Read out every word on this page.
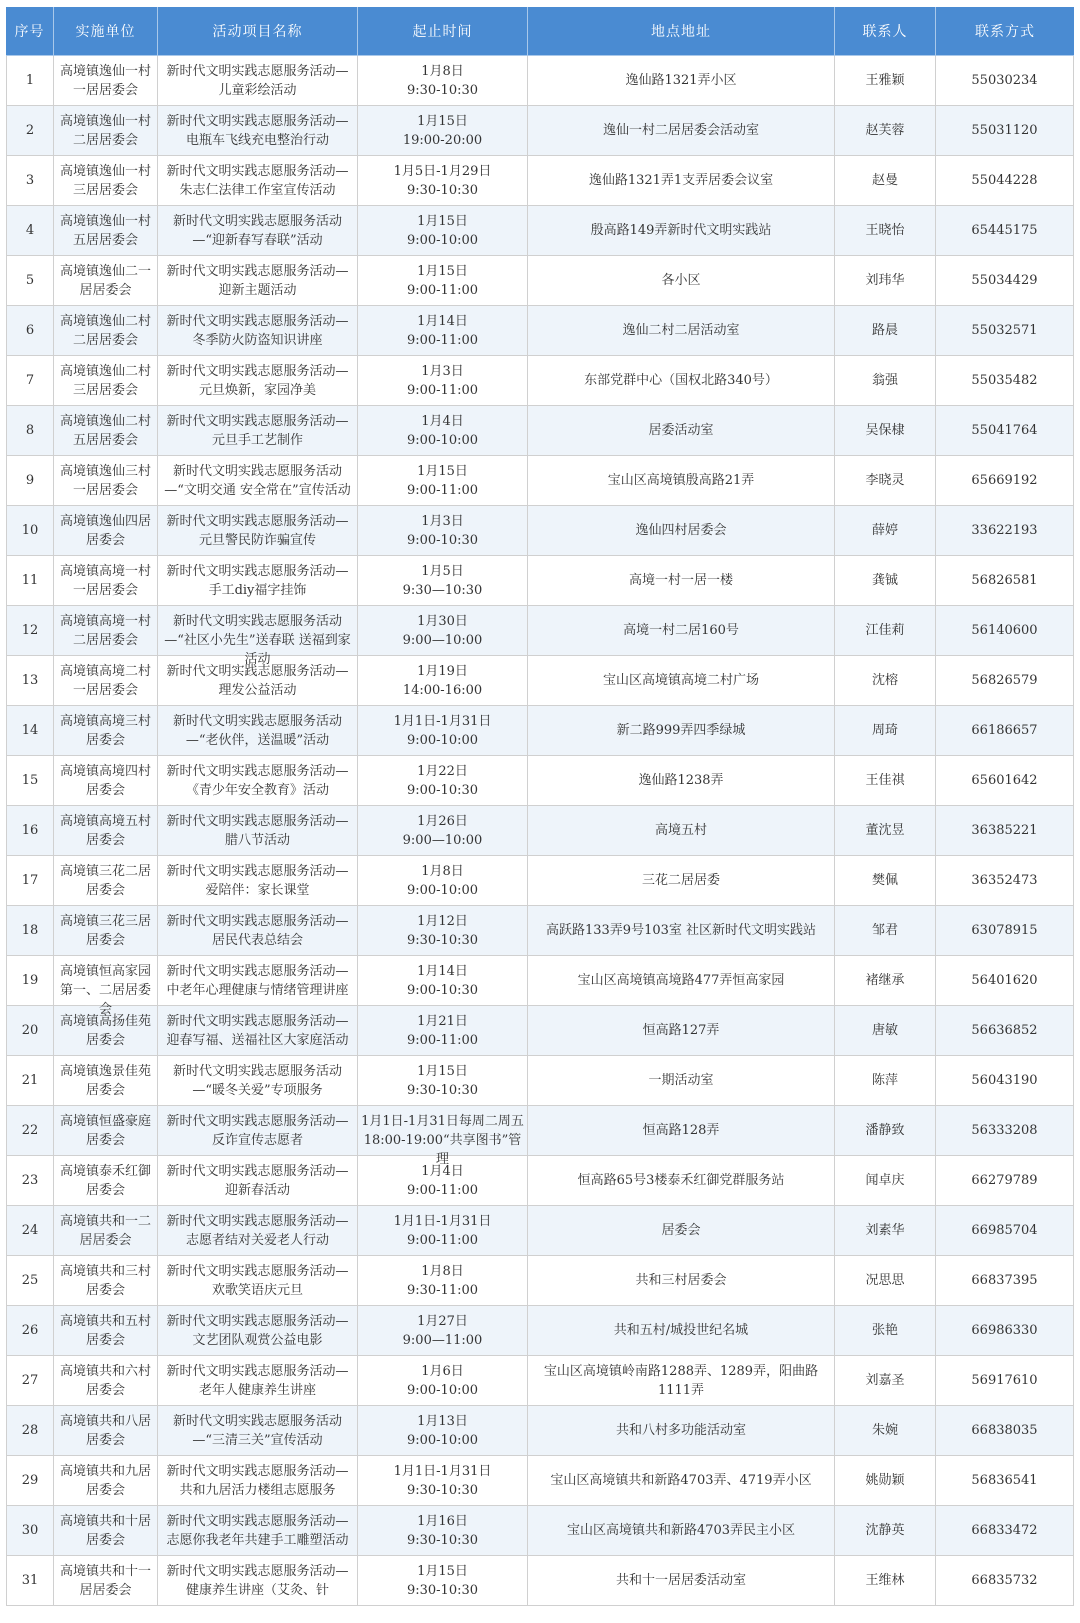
序号	实施单位	活动项目名称	起止时间	地点地址	联系人	联系方式

1	高境镇逸仙一村一居居委会	新时代文明实践志愿服务活动—儿童彩绘活动	1月8日
9:30-10:30	逸仙路1321弄小区	王雅颖	55030234

2	高境镇逸仙一村二居居委会	新时代文明实践志愿服务活动—电瓶车飞线充电整治行动	1月15日
19:00-20:00	逸仙一村二居居委会活动室	赵芙蓉	55031120

3	高境镇逸仙一村三居居委会	新时代文明实践志愿服务活动—朱志仁法律工作室宣传活动	1月5日-1月29日
9:30-10:30	逸仙路1321弄1支弄居委会议室	赵曼	55044228

4	高境镇逸仙一村五居居委会	新时代文明实践志愿服务活动—“迎新春写春联”活动	1月15日
9:00-10:00	殷高路149弄新时代文明实践站	王晓怡	65445175

5	高境镇逸仙二一居居委会	新时代文明实践志愿服务活动—迎新主题活动	1月15日
9:00-11:00	各小区	刘玮华	55034429

6	高境镇逸仙二村二居居委会	新时代文明实践志愿服务活动—冬季防火防盗知识讲座	1月14日
9:00-11:00	逸仙二村二居活动室	路晨	55032571

7	高境镇逸仙二村三居居委会	新时代文明实践志愿服务活动—元旦焕新，家园净美	1月3日
9:00-11:00	东部党群中心（国权北路340号）	翁强	55035482

8	高境镇逸仙二村五居居委会	新时代文明实践志愿服务活动—元旦手工艺制作	1月4日
9:00-10:00	居委活动室	吴保棣	55041764

9	高境镇逸仙三村一居居委会	新时代文明实践志愿服务活动—“文明交通 安全常在”宣传活动	1月15日
9:00-11:00	宝山区高境镇殷高路21弄	李晓灵	65669192

10	高境镇逸仙四居居委会	新时代文明实践志愿服务活动—元旦警民防诈骗宣传	1月3日
9:00-10:30	逸仙四村居委会	薛婷	33622193

11	高境镇高境一村一居居委会	新时代文明实践志愿服务活动—手工diy福字挂饰	1月5日
9:30—10:30	高境一村一居一楼	龚铖	56826581

12	高境镇高境一村二居居委会	新时代文明实践志愿服务活动—“社区小先生”送春联 送福到家活动	1月30日
9:00—10:00	高境一村二居160号	江佳莉	56140600

13	高境镇高境二村一居居委会	新时代文明实践志愿服务活动—理发公益活动	1月19日
14:00-16:00	宝山区高境镇高境二村广场	沈榕	56826579

14	高境镇高境三村居委会	新时代文明实践志愿服务活动—“老伙伴，送温暖”活动	1月1日-1月31日
9:00-10:00	新二路999弄四季绿城	周琦	66186657

15	高境镇高境四村居委会	新时代文明实践志愿服务活动—《青少年安全教育》活动	1月22日
9:00-10:30	逸仙路1238弄	王佳祺	65601642

16	高境镇高境五村居委会	新时代文明实践志愿服务活动—腊八节活动	1月26日
9:00—10:00	高境五村	董沈昱	36385221

17	高境镇三花二居居委会	新时代文明实践志愿服务活动—爱陪伴：家长课堂	1月8日
9:00-10:00	三花二居居委	樊佩	36352473

18	高境镇三花三居居委会	新时代文明实践志愿服务活动—居民代表总结会	1月12日
9:30-10:30	高跃路133弄9号103室 社区新时代文明实践站	邹君	63078915

19	高境镇恒高家园第一、二居居委会	新时代文明实践志愿服务活动—中老年心理健康与情绪管理讲座	1月14日
9:00-10:30	宝山区高境镇高境路477弄恒高家园	褚继承	56401620

20	高境镇高扬佳苑居委会	新时代文明实践志愿服务活动—迎春写福、送福社区大家庭活动	1月21日
9:00-11:00	恒高路127弄	唐敏	56636852

21	高境镇逸景佳苑居委会	新时代文明实践志愿服务活动—“暖冬关爱”专项服务	1月15日
9:30-10:30	一期活动室	陈萍	56043190

22	高境镇恒盛豪庭居委会	新时代文明实践志愿服务活动—反诈宣传志愿者	1月1日-1月31日每周二周五18:00-19:00“共享图书”管理	恒高路128弄	潘静致	56333208

23	高境镇泰禾红御居委会	新时代文明实践志愿服务活动—迎新春活动	1月4日
9:00-11:00	恒高路65号3楼泰禾红御党群服务站	闻卓庆	66279789

24	高境镇共和一二居居委会	新时代文明实践志愿服务活动—志愿者结对关爱老人行动	1月1日-1月31日
9:00-11:00	居委会	刘素华	66985704

25	高境镇共和三村居委会	新时代文明实践志愿服务活动—欢歌笑语庆元旦	1月8日
9:30-11:00	共和三村居委会	况思思	66837395

26	高境镇共和五村居委会	新时代文明实践志愿服务活动—文艺团队观赏公益电影	1月27日
9:00—11:00	共和五村/城投世纪名城	张艳	66986330

27	高境镇共和六村居委会	新时代文明实践志愿服务活动—老年人健康养生讲座	1月6日
9:00-10:00	宝山区高境镇岭南路1288弄、1289弄，阳曲路1111弄	刘嘉圣	56917610

28	高境镇共和八居居委会	新时代文明实践志愿服务活动—“三清三关”宣传活动	1月13日
9:00-10:00	共和八村多功能活动室	朱婉	66838035

29	高境镇共和九居居委会	新时代文明实践志愿服务活动—共和九居活力楼组志愿服务	1月1日-1月31日
9:30-10:30	宝山区高境镇共和新路4703弄、4719弄小区	姚勋颖	56836541

30	高境镇共和十居居委会	新时代文明实践志愿服务活动—志愿你我老年共建手工雕塑活动	1月16日
9:30-10:30	宝山区高境镇共和新路4703弄民主小区	沈静英	66833472

31	高境镇共和十一居居委会	新时代文明实践志愿服务活动—健康养生讲座（艾灸、针	1月15日
9:30-10:30	共和十一居居委活动室	王维林	66835732
